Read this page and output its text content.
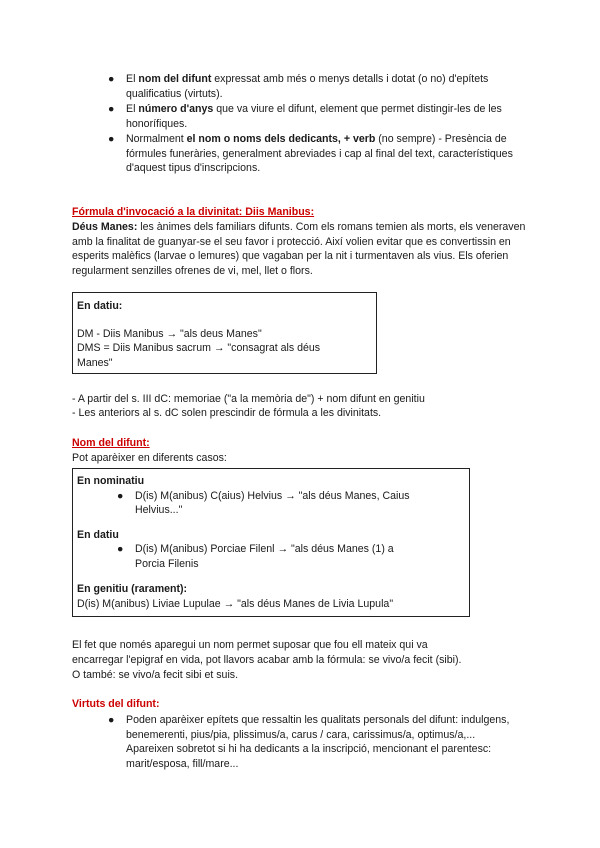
● El nom del difunt expressat amb més o menys detalls i dotat (o no) d'epítets qualificatius (virtuts).
● El número d'anys que va viure el difunt, element que permet distingir-les de les honorífiques.
● Normalment el nom o noms dels dedicants, + verb (no sempre) - Presència de fórmules funeràries, generalment abreviades i cap al final del text, característiques d'aquest tipus d'inscripcions.
Fórmula d'invocació a la divinitat: Diis Manibus:
Déus Manes: les ànimes dels familiars difunts. Com els romans temien als morts, els veneraven amb la finalitat de guanyar-se el seu favor i protecció. Així volien evitar que es convertissin en esperits malèfics (larvae o lemures) que vagaban per la nit i turmentaven als vius. Els oferien regularment senzilles ofrenes de vi, mel, llet o flors.
En datiu:
DM - Diis Manibus → "als deus Manes"
DMS = Diis Manibus sacrum → "consagrat als déus Manes"
- A partir del s. III dC: memoriae ("a la memòria de") + nom difunt en genitiu
- Les anteriors al s. dC solen prescindir de fórmula a les divinitats.
Nom del difunt:
Pot aparèixer en diferents casos:
En nominatiu
● D(is) M(anibus) C(aius) Helvius → "als déus Manes, Caius Helvius..."
En datiu
● D(is) M(anibus) Porciae Filenl → "als déus Manes (1) a Porcia Filenis
En genitiu (rarament):
D(is) M(anibus) Liviae Lupulae → "als déus Manes de Livia Lupula"
El fet que només aparegui un nom permet suposar que fou ell mateix qui va encarregar l'epigraf en vida, pot llavors acabar amb la fórmula: se vivo/a fecit (sibi).
O també: se vivo/a fecit sibi et suis.
Virtuts del difunt:
● Poden aparèixer epítets que ressaltin les qualitats personals del difunt: indulgens, benemerenti, pius/pia, plissimus/a, carus / cara, carissimus/a, optimus/a,...
Apareixen sobretot si hi ha dedicants a la inscripció, mencionant el parentesc: marit/esposa, fill/mare...
